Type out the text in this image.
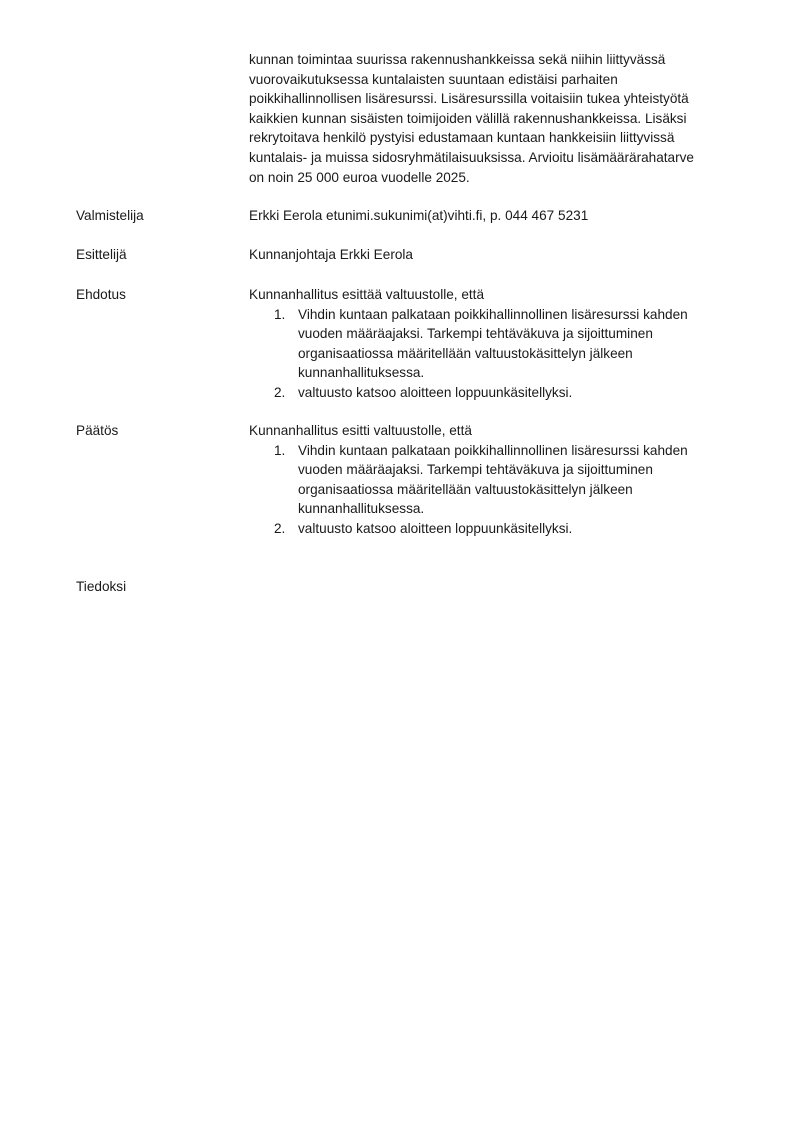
kunnan toimintaa suurissa rakennushankkeissa sekä niihin liittyvässä
vuorovaikutuksessa kuntalaisten suuntaan edistäisi parhaiten
poikkihallinnollisen lisäresurssi. Lisäresurssilla voitaisiin tukea yhteistyötä
kaikkien kunnan sisäisten toimijoiden välillä rakennushankkeissa. Lisäksi
rekrytoitava henkilö pystyisi edustamaan kuntaan hankkeisiin liittyvissä
kuntalais- ja muissa sidosryhmätilaisuuksissa. Arvioitu lisämäärärahatarve
on noin 25 000 euroa vuodelle 2025.
Valmistelija	Erkki Eerola etunimi.sukunimi(at)vihti.fi, p. 044 467 5231
Esittelijä	Kunnanjohtaja Erkki Eerola
Ehdotus	Kunnanhallitus esittää valtuustolle, että
1. Vihdin kuntaan palkataan poikkihallinnollinen lisäresurssi kahden
vuoden määräajaksi. Tarkempi tehtäväkuva ja sijoittuminen
organisaatiossa määritellään valtuustokäsittelyn jälkeen
kunnanhallituksessa.
2. valtuusto katsoo aloitteen loppuunkäsitellyksi.
Päätös	Kunnanhallitus esitti valtuustolle, että
1. Vihdin kuntaan palkataan poikkihallinnollinen lisäresurssi kahden
vuoden määräajaksi. Tarkempi tehtäväkuva ja sijoittuminen
organisaatiossa määritellään valtuustokäsittelyn jälkeen
kunnanhallituksessa.
2. valtuusto katsoo aloitteen loppuunkäsitellyksi.
Tiedoksi
